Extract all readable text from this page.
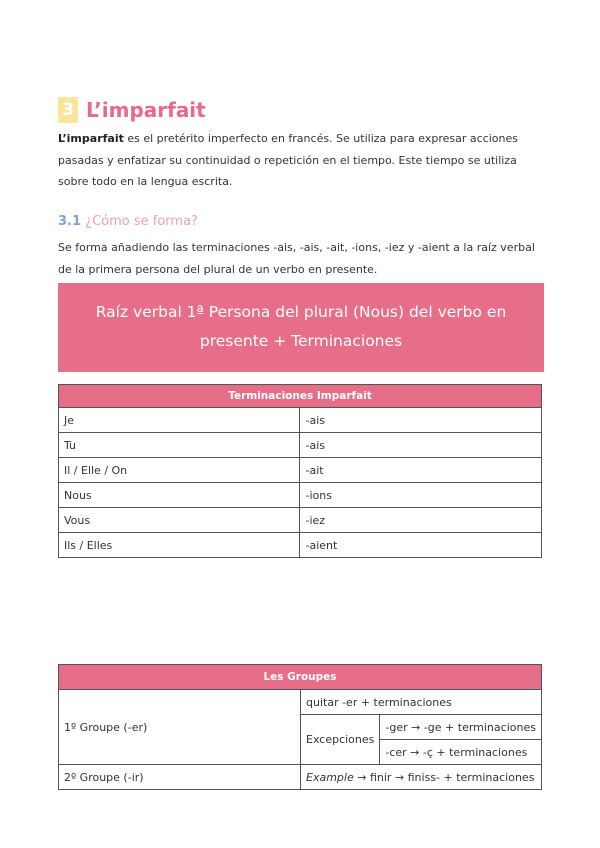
3 L’imparfait

L’imparfait es el pretérito imperfecto en francés. Se utiliza para expresar acciones pasadas y enfatizar su continuidad o repetición en el tiempo. Este tiempo se utiliza sobre todo en la lengua escrita.

3.1 ¿Cómo se forma?

Se forma añadiendo las terminaciones -ais, -ais, -ait, -ions, -iez y -aient a la raíz verbal de la primera persona del plural de un verbo en presente.

Raíz verbal 1ª Persona del plural (Nous) del verbo en
presente + Terminaciones
Terminaciones Imparfait	
Je	-ais
Tu	-ais
Il / Elle / On	-ait
Nous	-ions
Vous	-iez
Ils / Elles	-aient
Les Groupes		
1º Groupe (-er)	quitar -er + terminaciones	
	Excepciones	-ger → -ge + terminaciones
		-cer → -ç + terminaciones
2º Groupe (-ir)	Example → finir → finiss- + terminaciones	
